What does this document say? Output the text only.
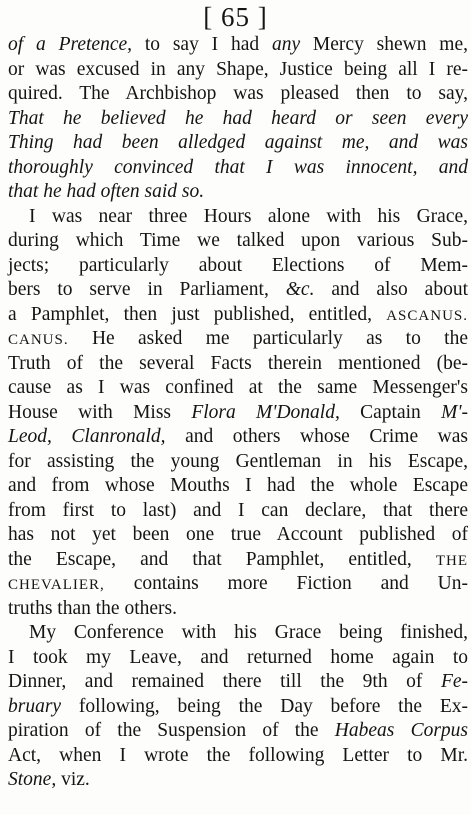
[ 65 ]
of a Pretence, to say I had any Mercy shewn me,
or was excused in any Shape, Justice being all I re-
quired. The Archbishop was pleased then to say,
That he believed he had heard or seen every
Thing had been alledged against me, and was
thoroughly convinced that I was innocent, and
that he had often said so.
I was near three Hours alone with his Grace,
during which Time we talked upon various Sub-
jects; particularly about Elections of Mem-
bers to serve in Parliament, &c. and also about
a Pamphlet, then just published, entitled, ASCANUS.
CANUS. He asked me particularly as to the
Truth of the several Facts therein mentioned (be-
cause as I was confined at the same Messenger's
House with Miss Flora M'Donald, Captain M'-
Leod, Clanronald, and others whose Crime was
for assisting the young Gentleman in his Escape,
and from whose Mouths I had the whole Escape
from first to last) and I can declare, that there
has not yet been one true Account published of
the Escape, and that Pamphlet, entitled, THE
CHEVALIER, contains more Fiction and Un-
truths than the others.
My Conference with his Grace being finished,
I took my Leave, and returned home again to
Dinner, and remained there till the 9th of Fe-
bruary following, being the Day before the Ex-
piration of the Suspension of the Habeas Corpus
Act, when I wrote the following Letter to Mr.
Stone, viz.
